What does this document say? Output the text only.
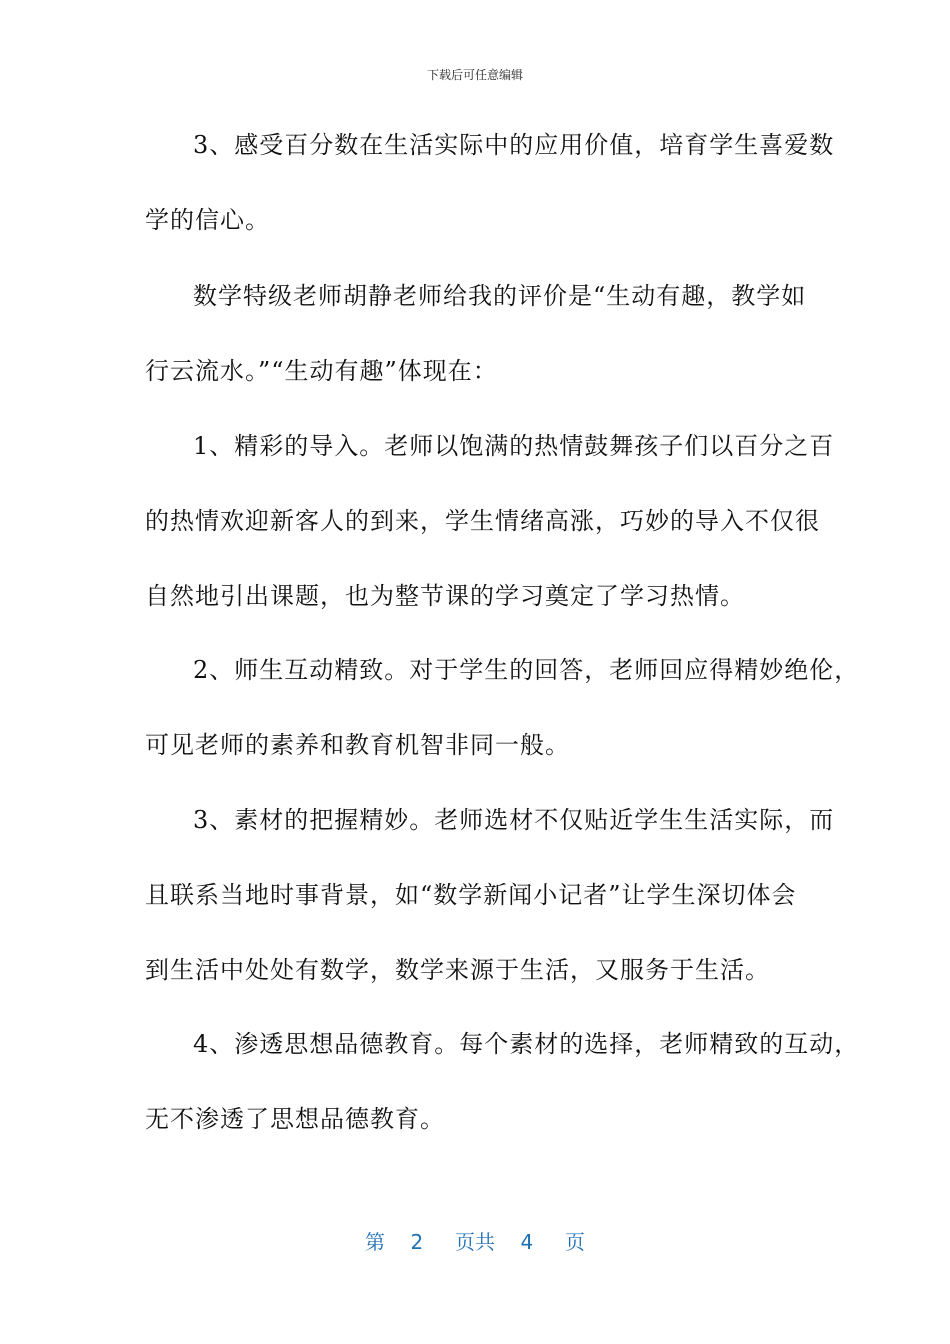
下载后可任意编辑
3、感受百分数在生活实际中的应用价值，培育学生喜爱数
学的信心。
数学特级老师胡静老师给我的评价是“生动有趣，教学如
行云流水。”“生动有趣”体现在：
1、精彩的导入。老师以饱满的热情鼓舞孩子们以百分之百
的热情欢迎新客人的到来，学生情绪高涨，巧妙的导入不仅很
自然地引出课题，也为整节课的学习奠定了学习热情。
2、师生互动精致。对于学生的回答，老师回应得精妙绝伦，
可见老师的素养和教育机智非同一般。
3、素材的把握精妙。老师选材不仅贴近学生生活实际，而
且联系当地时事背景，如“数学新闻小记者”让学生深切体会
到生活中处处有数学，数学来源于生活，又服务于生活。
4、渗透思想品德教育。每个素材的选择，老师精致的互动，
无不渗透了思想品德教育。
第 2 页共 4 页
